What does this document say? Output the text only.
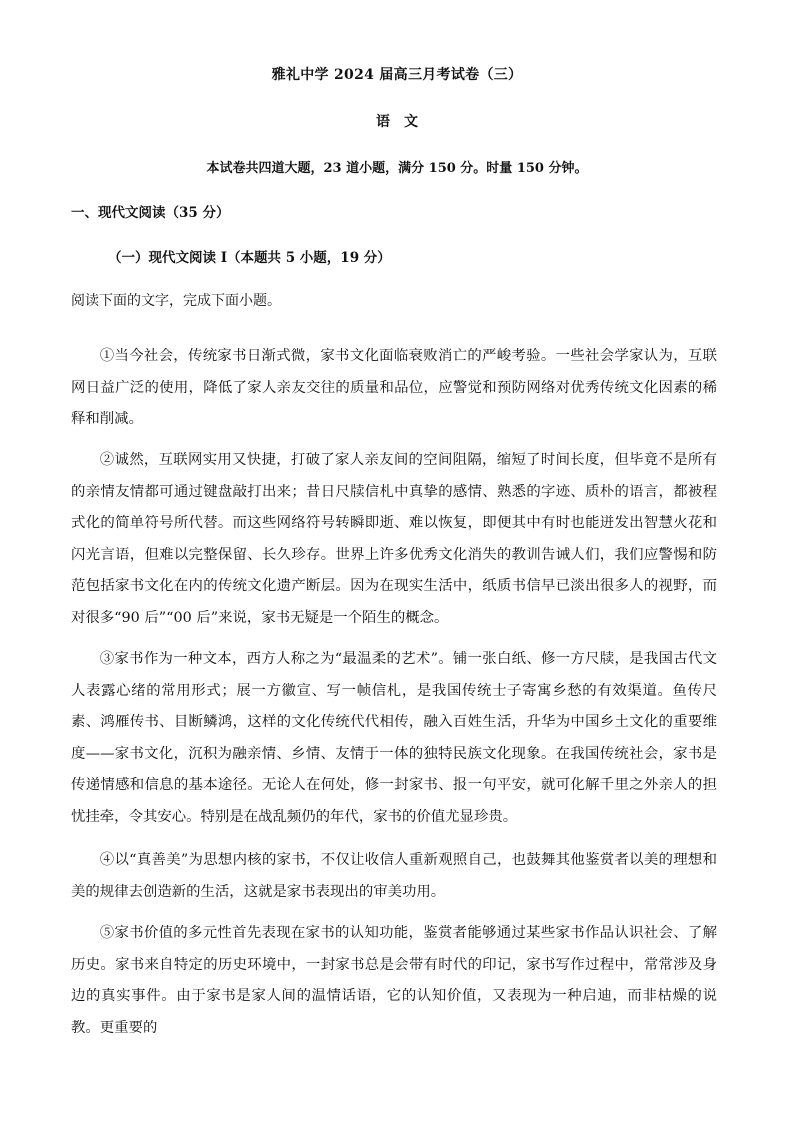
雅礼中学 2024 届高三月考试卷（三）
语文
本试卷共四道大题，23 道小题，满分 150 分。时量 150 分钟。
一、现代文阅读（35 分）
（一）现代文阅读 I（本题共 5 小题，19 分）
阅读下面的文字，完成下面小题。

①当今社会，传统家书日渐式微，家书文化面临衰败消亡的严峻考验。一些社会学家认为，互联网日益广泛的使用，降低了家人亲友交往的质量和品位，应警觉和预防网络对优秀传统文化因素的稀释和削减。

②诚然，互联网实用又快捷，打破了家人亲友间的空间阻隔，缩短了时间长度，但毕竟不是所有的亲情友情都可通过键盘敲打出来；昔日尺牍信札中真挚的感情、熟悉的字迹、质朴的语言，都被程式化的简单符号所代替。而这些网络符号转瞬即逝、难以恢复，即便其中有时也能迸发出智慧火花和闪光言语，但难以完整保留、长久珍存。世界上许多优秀文化消失的教训告诫人们，我们应警惕和防范包括家书文化在内的传统文化遗产断层。因为在现实生活中，纸质书信早已淡出很多人的视野，而对很多“90 后”“00 后”来说，家书无疑是一个陌生的概念。

③家书作为一种文本，西方人称之为“最温柔的艺术”。铺一张白纸、修一方尺牍，是我国古代文人表露心绪的常用形式；展一方徽宣、写一帧信札，是我国传统士子寄寓乡愁的有效渠道。鱼传尺素、鸿雁传书、目断鳞鸿，这样的文化传统代代相传，融入百姓生活，升华为中国乡土文化的重要维度——家书文化，沉积为融亲情、乡情、友情于一体的独特民族文化现象。在我国传统社会，家书是传递情感和信息的基本途径。无论人在何处，修一封家书、报一句平安，就可化解千里之外亲人的担忧挂牵，令其安心。特别是在战乱频仍的年代，家书的价值尤显珍贵。

④以“真善美”为思想内核的家书，不仅让收信人重新观照自己，也鼓舞其他鉴赏者以美的理想和美的规律去创造新的生活，这就是家书表现出的审美功用。

⑤家书价值的多元性首先表现在家书的认知功能，鉴赏者能够通过某些家书作品认识社会、了解历史。家书来自特定的历史环境中，一封家书总是会带有时代的印记，家书写作过程中，常常涉及身边的真实事件。由于家书是家人间的温情话语，它的认知价值，又表现为一种启迪，而非枯燥的说教。更重要的
